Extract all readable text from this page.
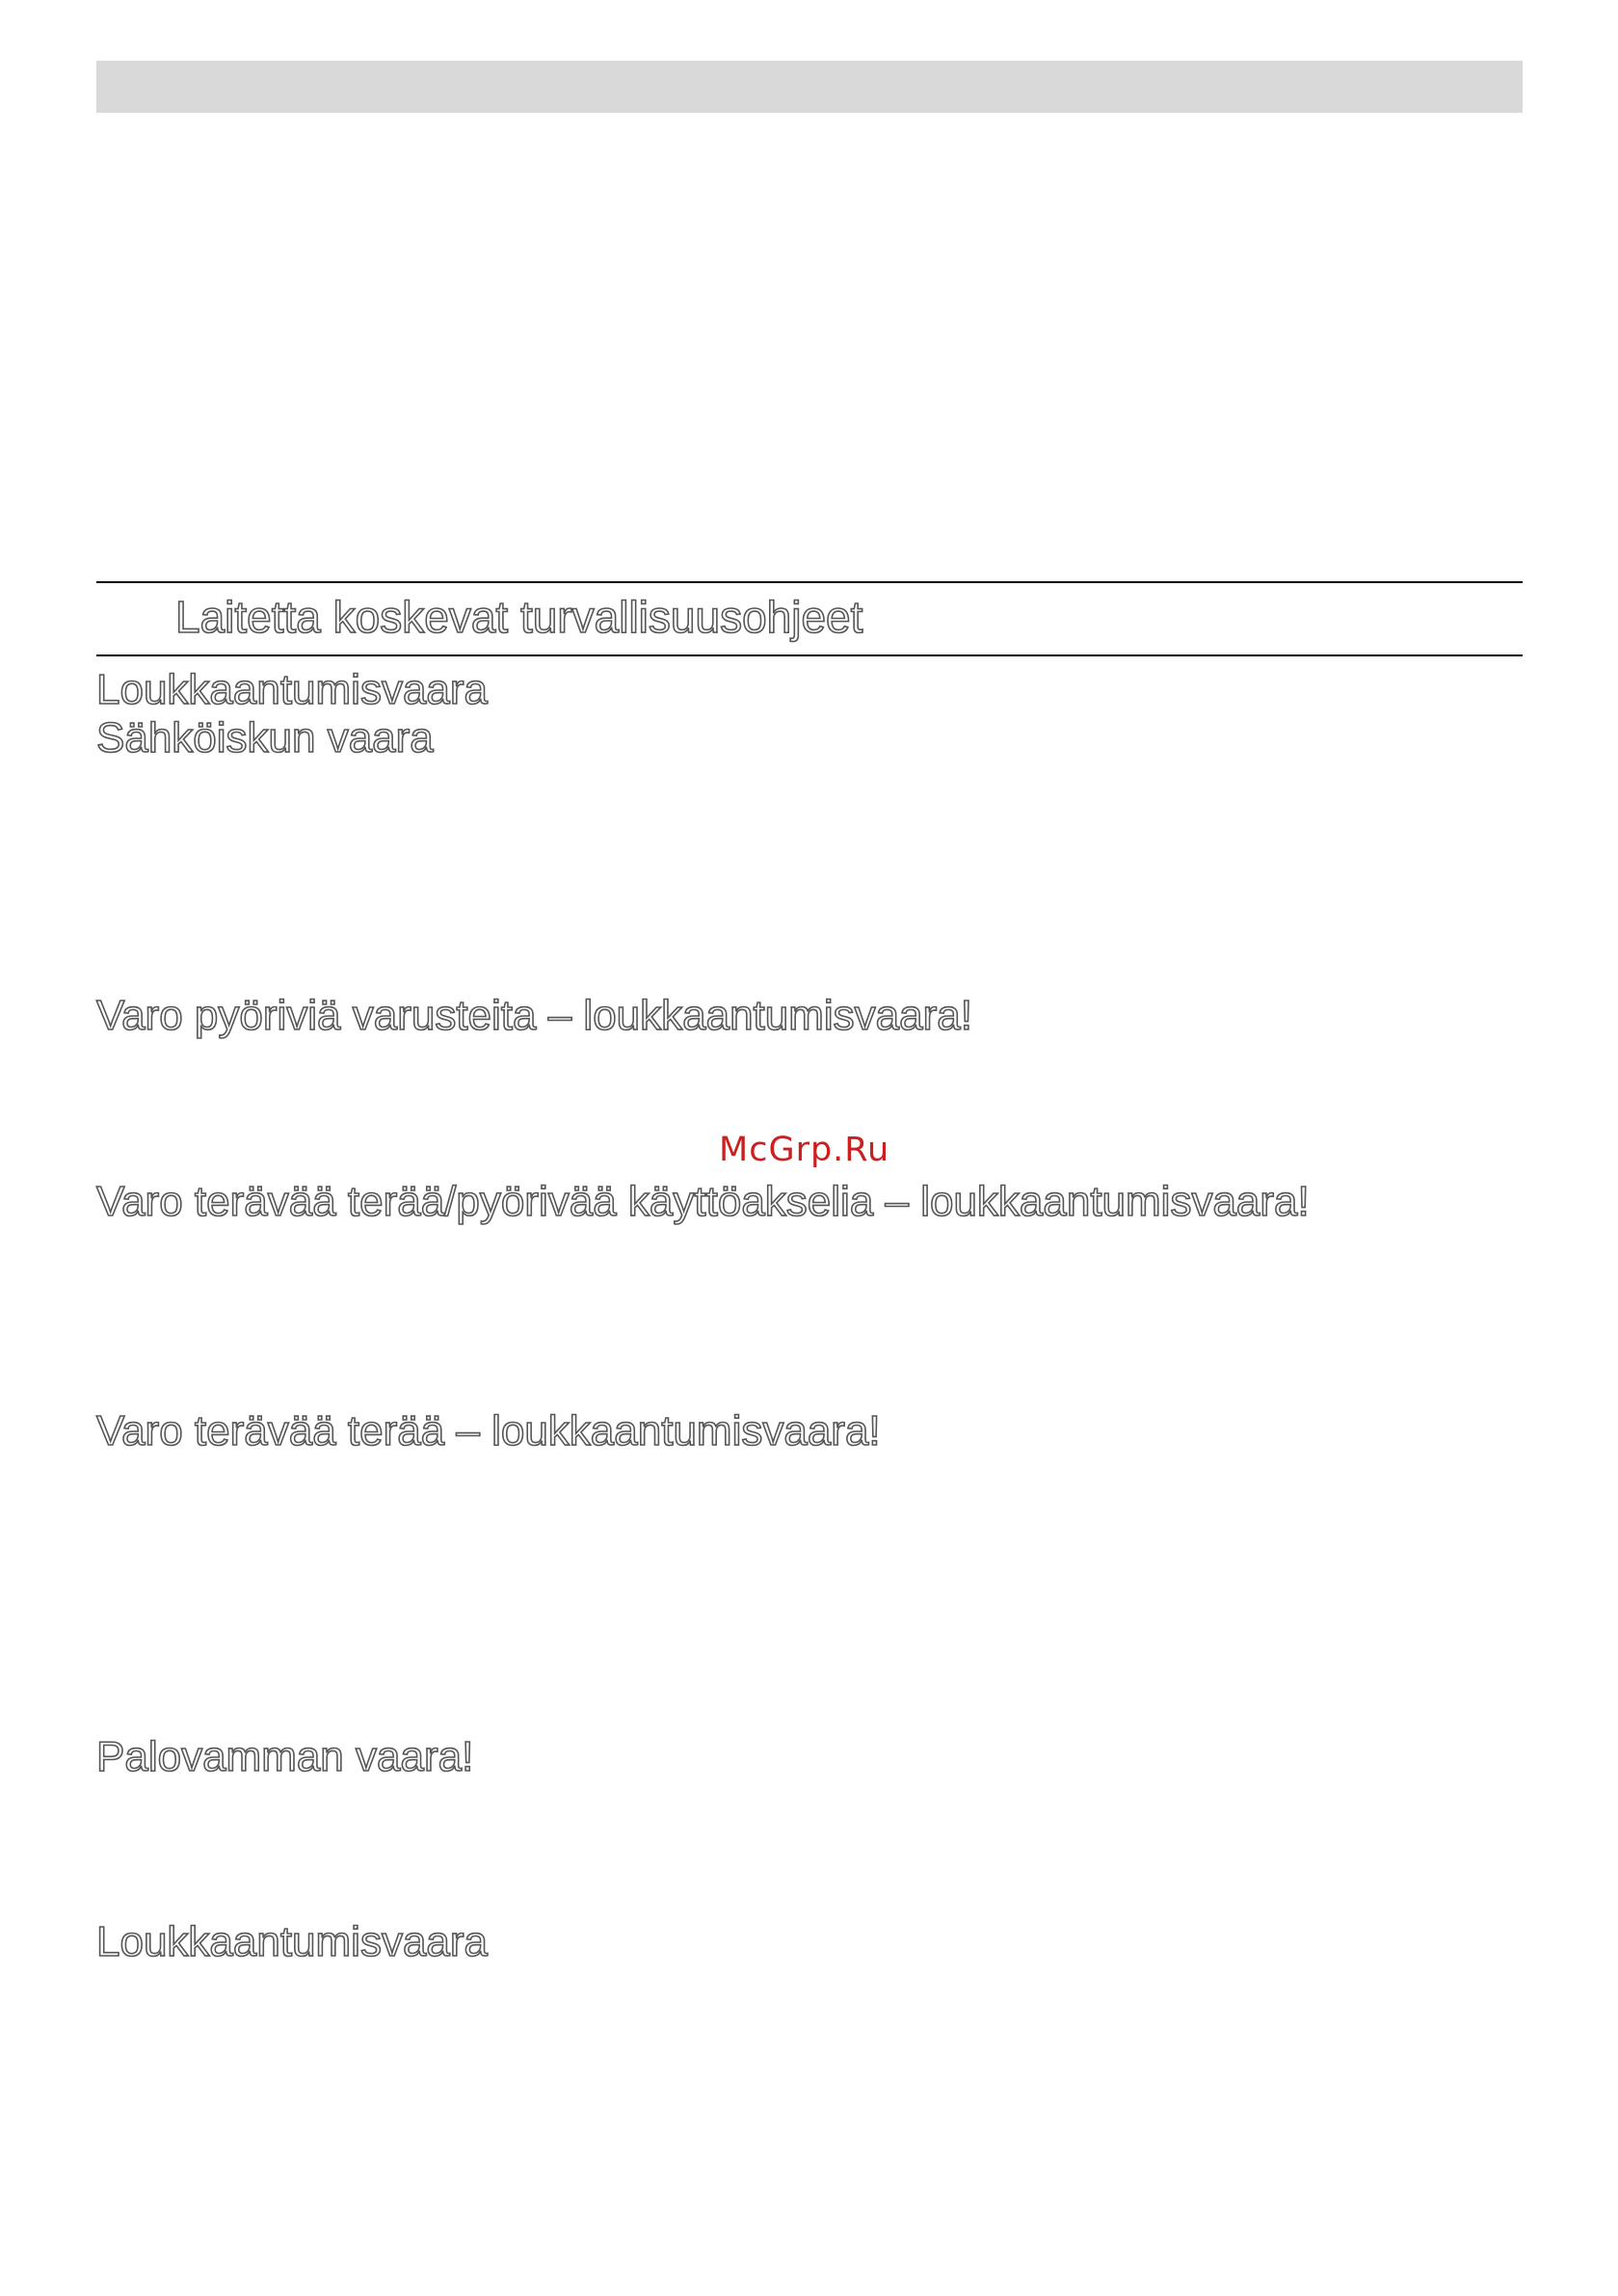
Laitetta koskevat turvallisuusohjeet
Loukkaantumisvaara
Sähköiskun vaara
Varo pyöriviä varusteita – loukkaantumisvaara!
McGrp.Ru
Varo terävää terää/pyörivää käyttöakselia – loukkaantumisvaara!
Varo terävää terää – loukkaantumisvaara!
Palovamman vaara!
Loukkaantumisvaara
